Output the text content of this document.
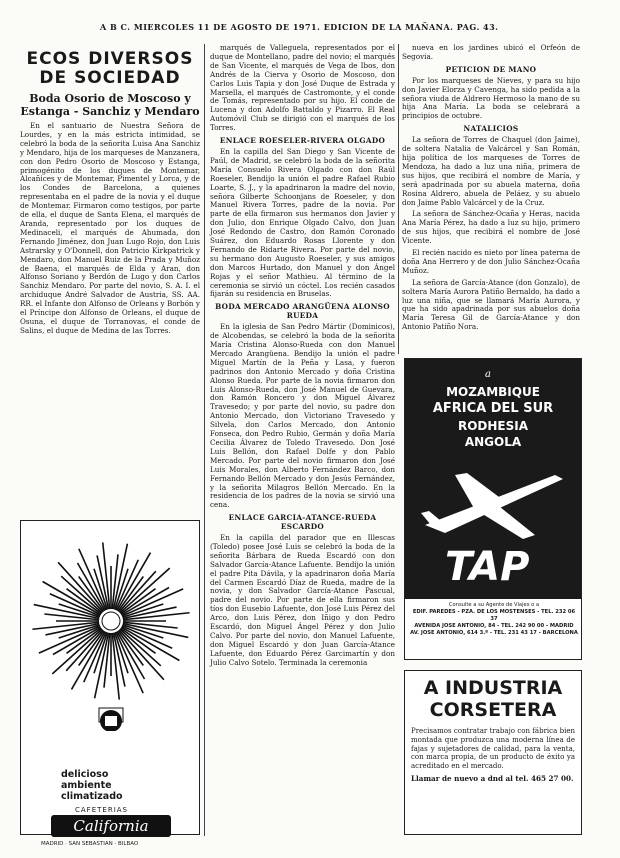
A B C. MIERCOLES 11 DE AGOSTO DE 1971. EDICION DE LA MAÑANA. PAG. 43.
ECOS DIVERSOS DE SOCIEDAD
Boda Osorio de Moscoso y Estanga - Sanchiz y Mendaro

En el santuario de Nuestra Señora de Lourdes, y en la más estricta intimidad, se celebró la boda de la señorita Luisa Ana Sanchiz y Mendaro, hija de los marqueses de Manzanera, con don Pedro Osorio de Moscoso y Estanga, primogénito de los duques de Montemar, Alcañices y de Montemar, Pimentel y Lorca, y de los Condes de Barcelona, a quienes representaba en el padre de la novia y el duque de Montemar. Firmaron como testigos, por parte de ella, el duque de Santa Elena, el marqués de Aranda, representado por los duques de Medinaceli, el marqués de Ahumada, don Fernando Jiménez, don Juan Lugo Rojo, don Luis Astrarsky y O'Donnell, don Patricio Kirkpatrick y Mendaro, don Manuel Ruiz de la Prada y Muñoz de Baena, el marqués de Elda y Aran, don Alfonso Soriano y Berdón de Lugo y don Carlos Sanchiz Mendaro. Por parte del novio, S. A. I. el archiduque André Salvador de Austria, SS. AA. RR. el Infante don Alfonso de Orleans y Borbón y el Príncipe don Alfonso de Orleans, el duque de Osuna, el duque de Torranovas, el conde de Salins, el duque de Medina de las Torres.

marqués de Valleguela, representados por el duque de Montellano, padre del novio; el marqués de San Vicente, el marqués de Vega de Ibos, don Andrés de la Cierva y Osorio de Moscoso, don Carlos Luis Tapia y don José Duque de Estrada y Marsella, el marqués de Castromonte, y el conde de Tomás, representado por su hijo. El conde de Lucena y don Adolfo Battaldo y Pizarro. El Real Automóvil Club se dirigió con el marqués de los Torres.

ENLACE ROESELER-RIVERA OLGADO

En la capilla del San Diego y San Vicente de Paúl, de Madrid, se celebró la boda de la señorita María Consuelo Rivera Olgado con don Raúl Roeseler, Bendijo la unión el padre Rafael Rubio Loarte, S. J., y la apadrinaron la madre del novio, señora Gilberte Schoonjans de Roeseler, y don Manuel Rivera Torres, padre de la novia. Por parte de ella firmaron sus hermanos don Javier y don Julio, don Enrique Olgado Calvo, don Juan José Redondo de Castro, don Ramón Coronado Suárez, don Eduardo Rosas Llorente y don Fernando de Ridarte Rivera. Por parte del novio, su hermano don Augusto Roeseler, y sus amigos don Marcos Hurtado, don Manuel y don Ángel Rojas y el señor Mathieu. Al término de la ceremonia se sirvió un cóctel. Los recién casados fijarán su residencia en Bruselas.

BODA MERCADO ARANGÜENA ALONSO RUEDA

En la iglesia de San Pedro Mártir (Dominicos), de Alcobendas, se celebró la boda de la señorita María Cristina Alonso-Rueda con don Manuel Mercado Arangüena. Bendijo la unión el padre Miguel Martín de la Peña y Lasa, y fueron padrinos don Antonio Mercado y doña Cristina Alonso Rueda. Por parte de la novia firmaron don Luis Alonso-Rueda, don José Manuel de Guevara, don Ramón Roncero y don Miguel Álvarez Travesedo; y por parte del novio, su padre don Antonio Mercado, don Victoriano Travesedo y Silvela, don Carlos Mercado, don Antonio Fonseca, don Pedro Rubio, Germán y doña María Cecilia Álvarez de Toledo Travesedo. Don José Luis Bellón, don Rafael Dolfe y don Pablo Mercado. Por parte del novio firmaron don José Luis Morales, don Alberto Fernández Barco, don Fernando Bellón Mercado y don Jesús Fernández, y la señorita Milagros Bellón Mercado. En la residencia de los padres de la novia se sirvió una cena.

ENLACE GARCIA-ATANCE-RUEDA ESCARDO

En la capilla del parador que en Illescas (Toledo) posee José Luis se celebró la boda de la señorita Bárbara de Rueda Escardó con don Salvador García-Atance Lafuente. Bendijo la unión el padre Pita Dávila, y la apadrinaron doña María del Carmen Escardó Díaz de Rueda, madre de la novia, y don Salvador García-Atance Pascual, padre del novio. Por parte de ella firmaron sus tíos don Eusebio Lafuente, don José Luis Pérez del Arco, don Luis Pérez, don Iñigo y don Pedro Escardó, don Miguel Ángel Pérez y don Julio Calvo. Por parte del novio, don Manuel Lafuente, don Miguel Escardó y don Juan García-Atance Lafuente, don Eduardo Pérez Garcimartín y don Julio Calvo Sotelo. Terminada la ceremonia

nueva en los jardines ubicó el Orfeón de Segovia.

PETICION DE MANO

Por los marqueses de Nieves, y para su hijo don Javier Elorza y Cavenga, ha sido pedida a la señora viuda de Aldrero Hermoso la mano de su hija Ana María. La boda se celebrará a principios de octubre.

NATALICIOS

La señora de Torres de Chaquel (don Jaime), de soltera Natalia de Valcárcel y San Román, hija política de los marqueses de Torres de Mendoza, ha dado a luz una niña, primera de sus hijos, que recibirá el nombre de María, y será apadrinada por su abuela materna, doña Rosina Aldrero, abuela de Peláez, y su abuelo don Jaime Pablo Valcárcel y de la Cruz.

La señora de Sánchez-Ocaña y Heras, nacida Ana María Pérez, ha dado a luz su hijo, primero de sus hijos, que recibirá el nombre de José Vicente.

El recién nacido es nieto por línea paterna de doña Ana Herrero y de don Julio Sánchez-Ocaña Muñoz.

La señora de García-Atance (don Gonzalo), de soltera María Aurora Patiño Bernaldo, ha dado a luz una niña, que se llamará María Aurora, y que ha sido apadrinada por sus abuelos doña María Teresa Gil de García-Atance y don Antonio Patiño Nora.

delicioso
ambiente
climatizado
CAFETERIAS
California
MADRID · SAN SEBASTIAN · BILBAO
a
MOZAMBIQUE
AFRICA DEL SUR
RODHESIA
ANGOLA
TAP
Consulte a su Agente de Viajes o a
EDIF. PAREDES - PZA. DE LOS MOSTENSES - TEL. 232 06 37
AVENIDA JOSE ANTONIO, 84 - TEL. 242 90 00 - MADRID
AV. JOSE ANTONIO, 614 3.º - TEL. 231 43 17 - BARCELONA
A INDUSTRIA
CORSETERA
Precisamos contratar trabajo con fábrica bien montada que produzca una moderna línea de fajas y sujetadores de calidad, para la venta, con marca propia, de un producto de éxito ya acreditado en el mercado.
Llamar de nuevo a dnd al tel. 465 27 00.
